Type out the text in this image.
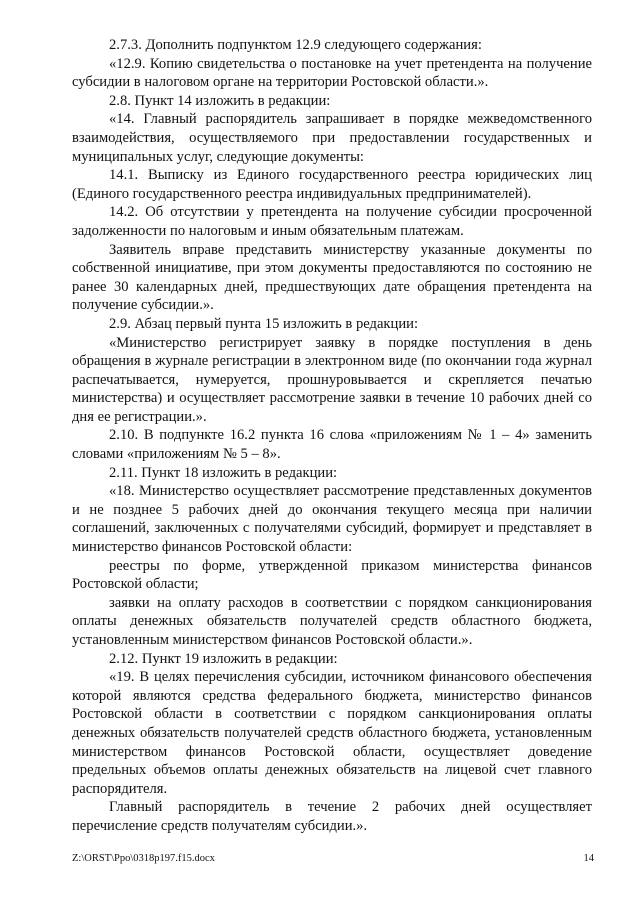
2.7.3. Дополнить подпунктом 12.9 следующего содержания:

«12.9. Копию свидетельства о постановке на учет претендента на получение субсидии в налоговом органе на территории Ростовской области.».

2.8. Пункт 14 изложить в редакции:

«14. Главный распорядитель запрашивает в порядке межведомственного взаимодействия, осуществляемого при предоставлении государственных и муниципальных услуг, следующие документы:

14.1. Выписку из Единого государственного реестра юридических лиц (Единого государственного реестра индивидуальных предпринимателей).

14.2. Об отсутствии у претендента на получение субсидии просроченной задолженности по налоговым и иным обязательным платежам.

Заявитель вправе представить министерству указанные документы по собственной инициативе, при этом документы предоставляются по состоянию не ранее 30 календарных дней, предшествующих дате обращения претендента на получение субсидии.».

2.9. Абзац первый пунта 15 изложить в редакции:

«Министерство регистрирует заявку в порядке поступления в день обращения в журнале регистрации в электронном виде (по окончании года журнал распечатывается, нумеруется, прошнуровывается и скрепляется печатью министерства) и осуществляет рассмотрение заявки в течение 10 рабочих дней со дня ее регистрации.».

2.10. В подпункте 16.2 пункта 16 слова «приложениям № 1 – 4» заменить словами «приложениям № 5 – 8».

2.11. Пункт 18 изложить в редакции:

«18. Министерство осуществляет рассмотрение представленных документов и не позднее 5 рабочих дней до окончания текущего месяца при наличии соглашений, заключенных с получателями субсидий, формирует и представляет в министерство финансов Ростовской области:

реестры по форме, утвержденной приказом министерства финансов Ростовской области;

заявки на оплату расходов в соответствии с порядком санкционирования оплаты денежных обязательств получателей средств областного бюджета, установленным министерством финансов Ростовской области.».

2.12. Пункт 19 изложить в редакции:

«19. В целях перечисления субсидии, источником финансового обеспечения которой являются средства федерального бюджета, министерство финансов Ростовской области в соответствии с порядком санкционирования оплаты денежных обязательств получателей средств областного бюджета, установленным министерством финансов Ростовской области, осуществляет доведение предельных объемов оплаты денежных обязательств на лицевой счет главного распорядителя.

Главный распорядитель в течение 2 рабочих дней осуществляет перечисление средств получателям субсидии.».

Z:\ORST\Ppo\0318p197.f15.docx	14
